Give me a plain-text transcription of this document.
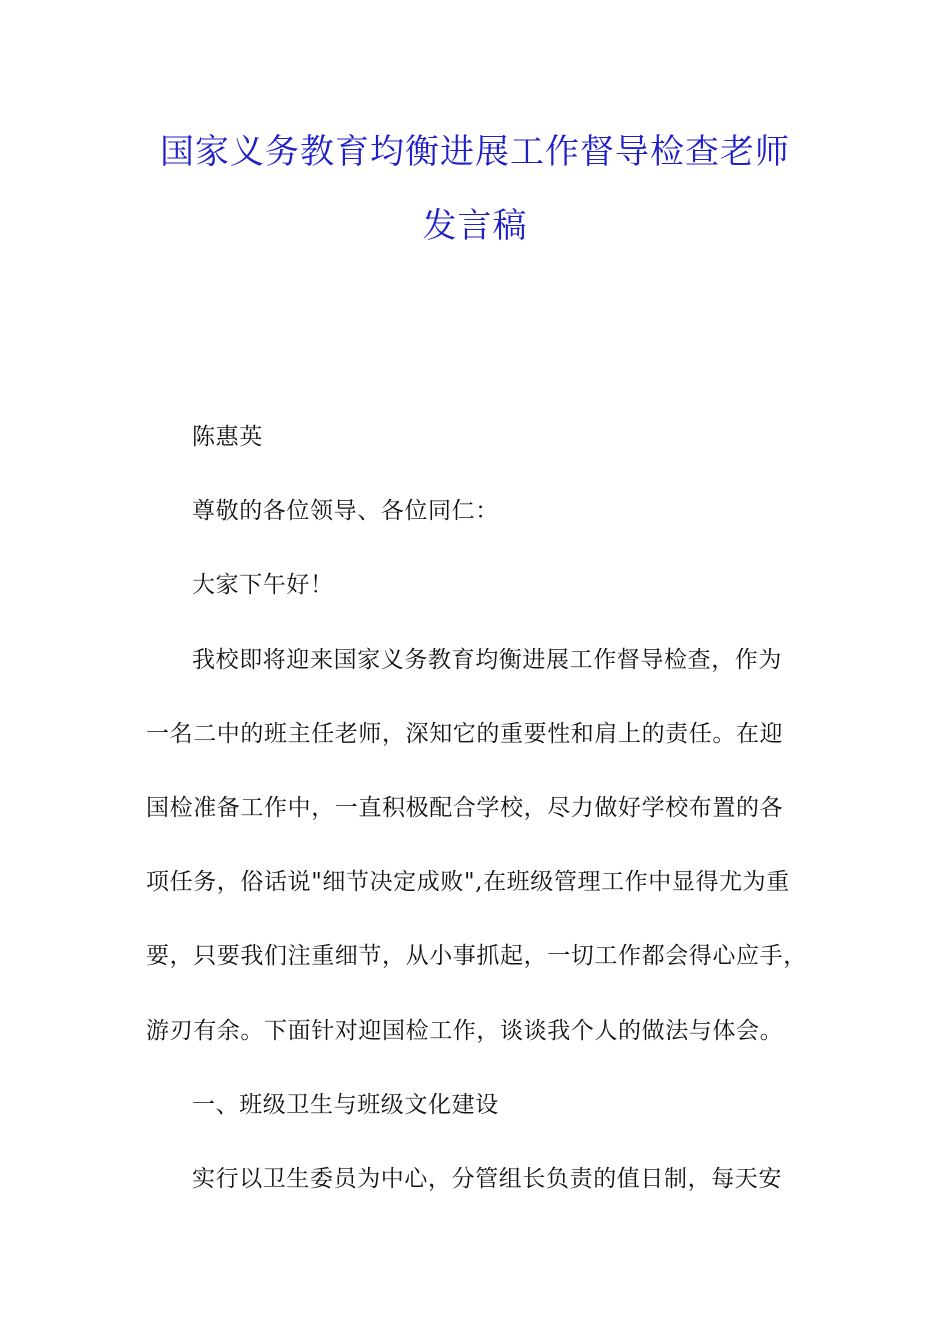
国家义务教育均衡进展工作督导检查老师
发言稿
陈惠英
尊敬的各位领导、各位同仁：
大家下午好！
我校即将迎来国家义务教育均衡进展工作督导检查，作为
一名二中的班主任老师，深知它的重要性和肩上的责任。在迎
国检准备工作中，一直积极配合学校，尽力做好学校布置的各
项任务，俗话说"细节决定成败",在班级管理工作中显得尤为重
要，只要我们注重细节，从小事抓起，一切工作都会得心应手，
游刃有余。下面针对迎国检工作，谈谈我个人的做法与体会。
一、班级卫生与班级文化建设
实行以卫生委员为中心，分管组长负责的值日制，每天安
